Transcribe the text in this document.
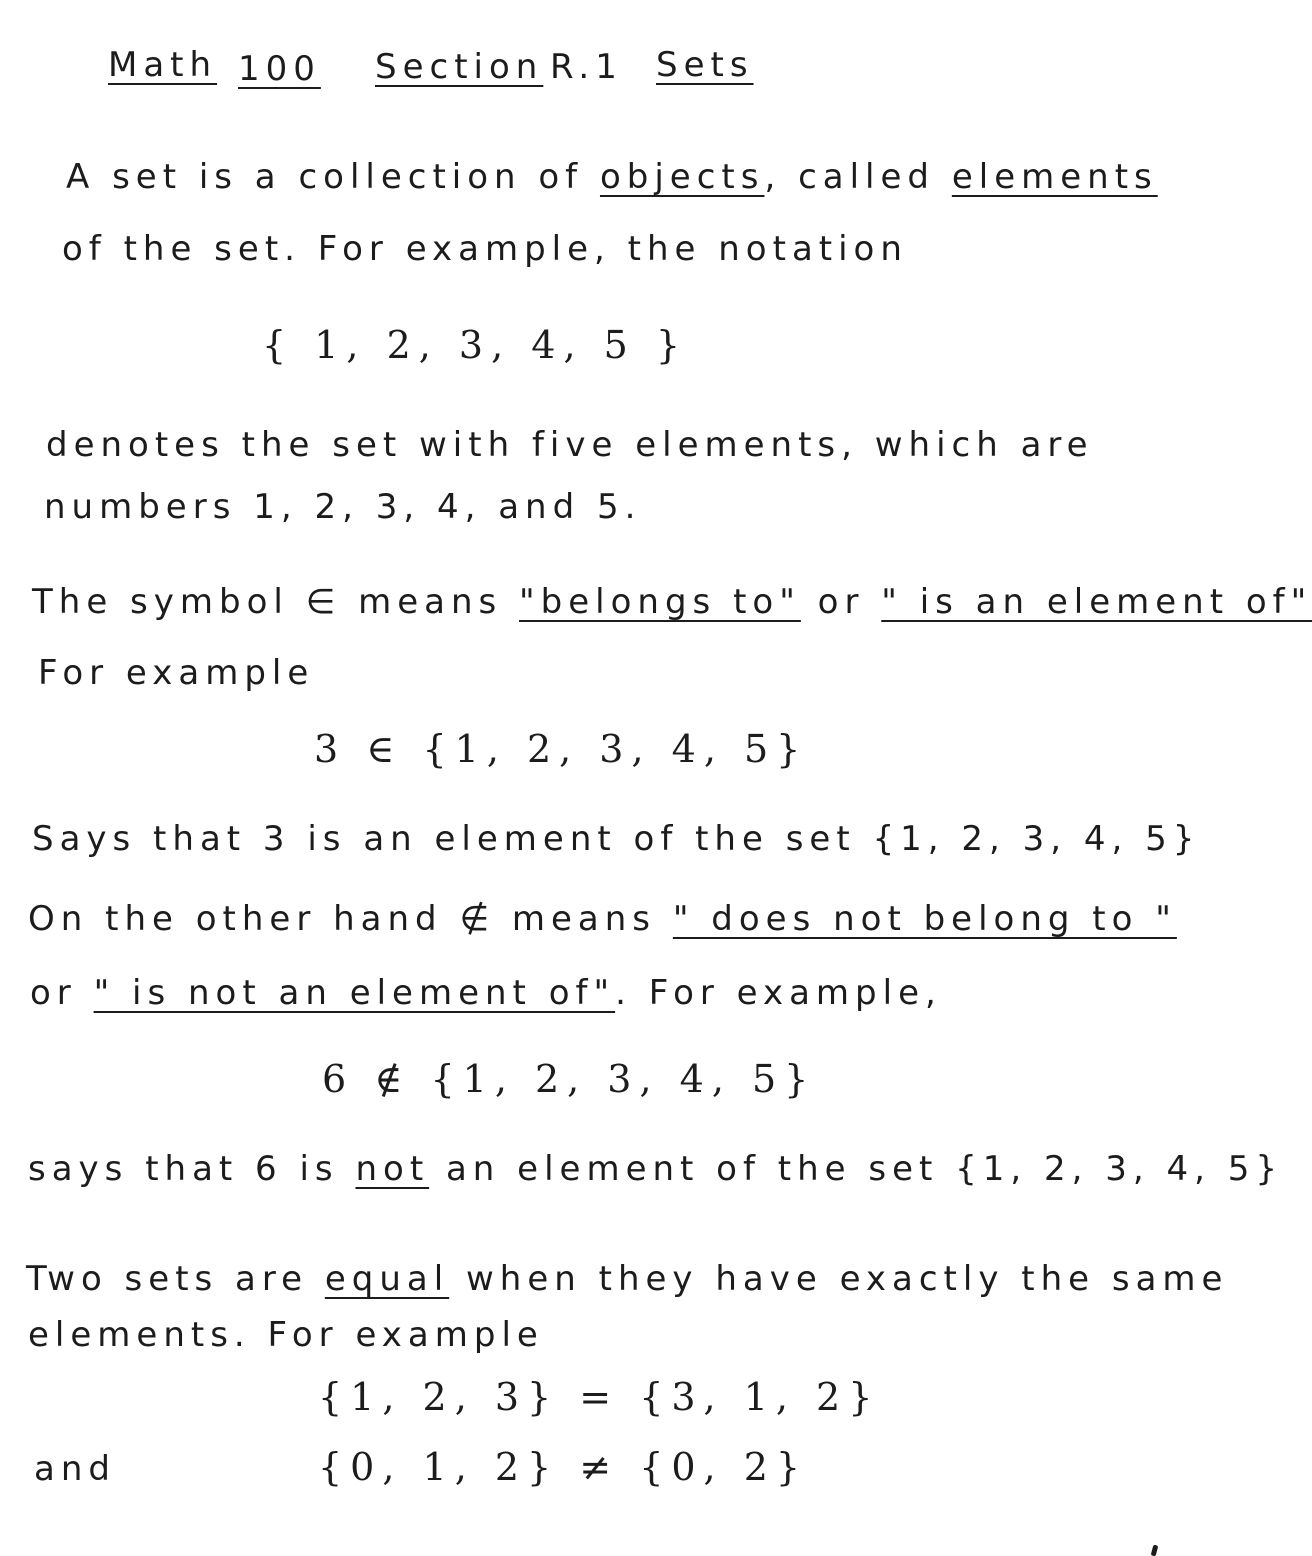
Math 100 Section R.1 Sets
A set is a collection of objects, called elements
of the set. For example, the notation
{ 1, 2, 3, 4, 5 }
denotes the set with five elements, which are
numbers 1, 2, 3, 4, and 5.
The symbol ∈ means "belongs to" or " is an element of"
For example
3 ∈ {1, 2, 3, 4, 5}
Says that 3 is an element of the set {1, 2, 3, 4, 5}
On the other hand ∉ means " does not belong to "
or " is not an element of". For example,
6 ∉ {1, 2, 3, 4, 5}
says that 6 is not an element of the set {1, 2, 3, 4, 5}
Two sets are equal when they have exactly the same
elements. For example
{1, 2, 3} = {3, 1, 2}
and	{0, 1, 2} ≠ {0, 2}
